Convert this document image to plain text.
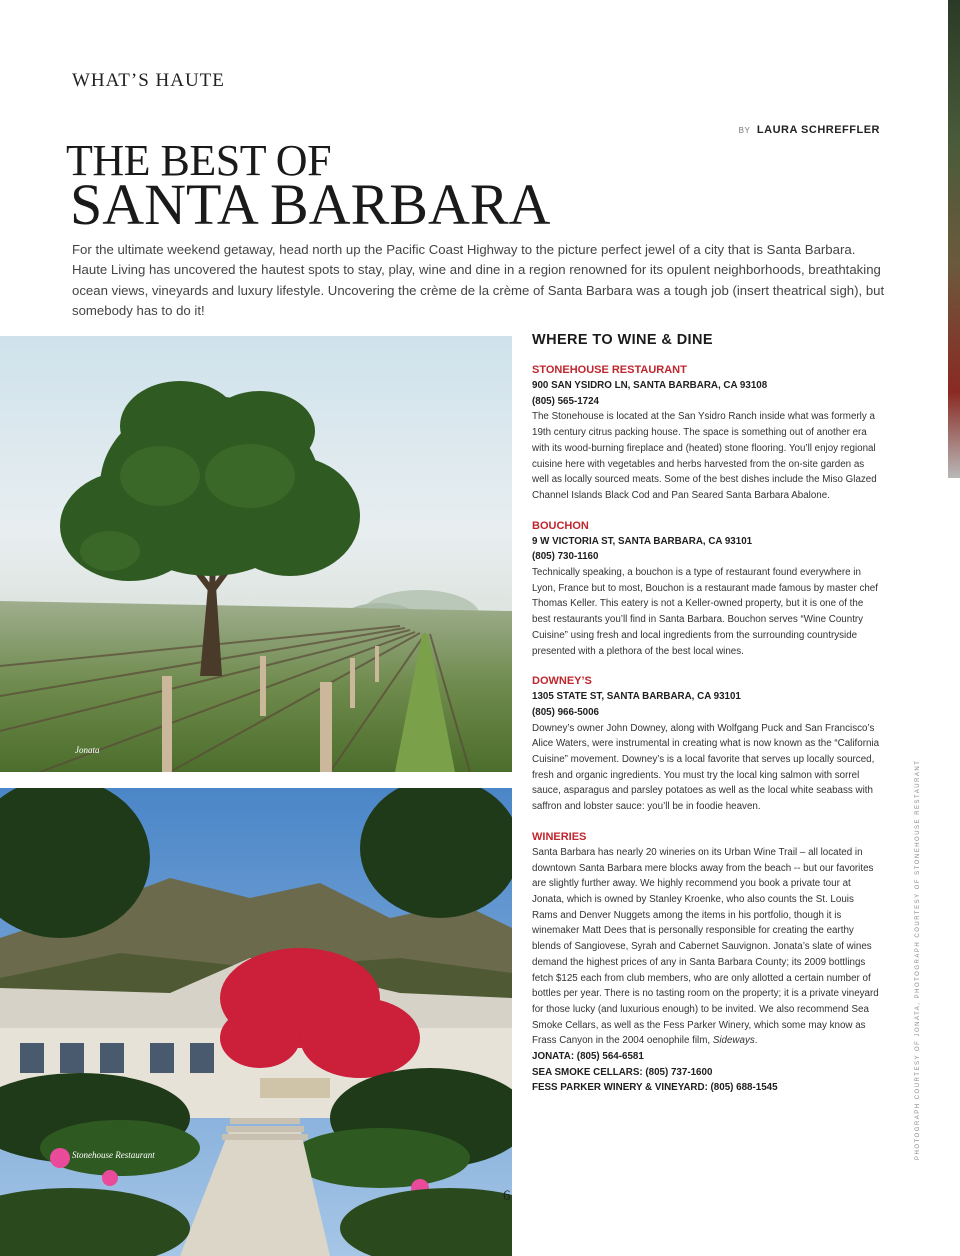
WHAT’S HAUTE
BY LAURA SCHREFFLER
THE BEST OF
SANTA BARBARA
For the ultimate weekend getaway, head north up the Pacific Coast Highway to the picture perfect jewel of a city that is Santa Barbara. Haute Living has uncovered the hautest spots to stay, play, wine and dine in a region renowned for its opulent neighborhoods, breathtaking ocean views, vineyards and luxury lifestyle. Uncovering the crème de la crème of Santa Barbara was a tough job (insert theatrical sigh), but somebody has to do it!
Jonata
Stonehouse Restaurant
6
WHERE TO WINE & DINE
STONEHOUSE RESTAURANT
900 SAN YSIDRO LN, SANTA BARBARA, CA 93108
(805) 565-1724
The Stonehouse is located at the San Ysidro Ranch inside what was formerly a 19th century citrus packing house. The space is something out of another era with its wood-burning fireplace and (heated) stone flooring. You’ll enjoy regional cuisine here with vegetables and herbs harvested from the on-site garden as well as locally sourced meats. Some of the best dishes include the Miso Glazed Channel Islands Black Cod and Pan Seared Santa Barbara Abalone.
BOUCHON
9 W VICTORIA ST, SANTA BARBARA, CA 93101
(805) 730-1160
Technically speaking, a bouchon is a type of restaurant found everywhere in Lyon, France but to most, Bouchon is a restaurant made famous by master chef Thomas Keller. This eatery is not a Keller-owned property, but it is one of the best restaurants you’ll find in Santa Barbara. Bouchon serves “Wine Country Cuisine” using fresh and local ingredients from the surrounding countryside presented with a plethora of the best local wines.
DOWNEY’S
1305 STATE ST, SANTA BARBARA, CA 93101
(805) 966-5006
Downey’s owner John Downey, along with Wolfgang Puck and San Francisco’s Alice Waters, were instrumental in creating what is now known as the “California Cuisine” movement. Downey’s is a local favorite that serves up locally sourced, fresh and organic ingredients. You must try the local king salmon with sorrel sauce, asparagus and parsley potatoes as well as the local white seabass with saffron and lobster sauce: you’ll be in foodie heaven.
WINERIES
Santa Barbara has nearly 20 wineries on its Urban Wine Trail – all located in downtown Santa Barbara mere blocks away from the beach -- but our favorites are slightly further away. We highly recommend you book a private tour at Jonata, which is owned by Stanley Kroenke, who also counts the St. Louis Rams and Denver Nuggets among the items in his portfolio, though it is winemaker Matt Dees that is personally responsible for creating the earthy blends of Sangiovese, Syrah and Cabernet Sauvignon. Jonata’s slate of wines demand the highest prices of any in Santa Barbara County; its 2009 bottlings fetch $125 each from club members, who are only allotted a certain number of bottles per year. There is no tasting room on the property; it is a private vineyard for those lucky (and luxurious enough) to be invited. We also recommend Sea Smoke Cellars, as well as the Fess Parker Winery, which some may know as Frass Canyon in the 2004 oenophile film, Sideways.
JONATA: (805) 564-6581
SEA SMOKE CELLARS: (805) 737-1600
FESS PARKER WINERY & VINEYARD: (805) 688-1545	PHOTOGRAPH COURTESY OF JONATA, PHOTOGRAPH COURTESY OF STONEHOUSE RESTAURANT
